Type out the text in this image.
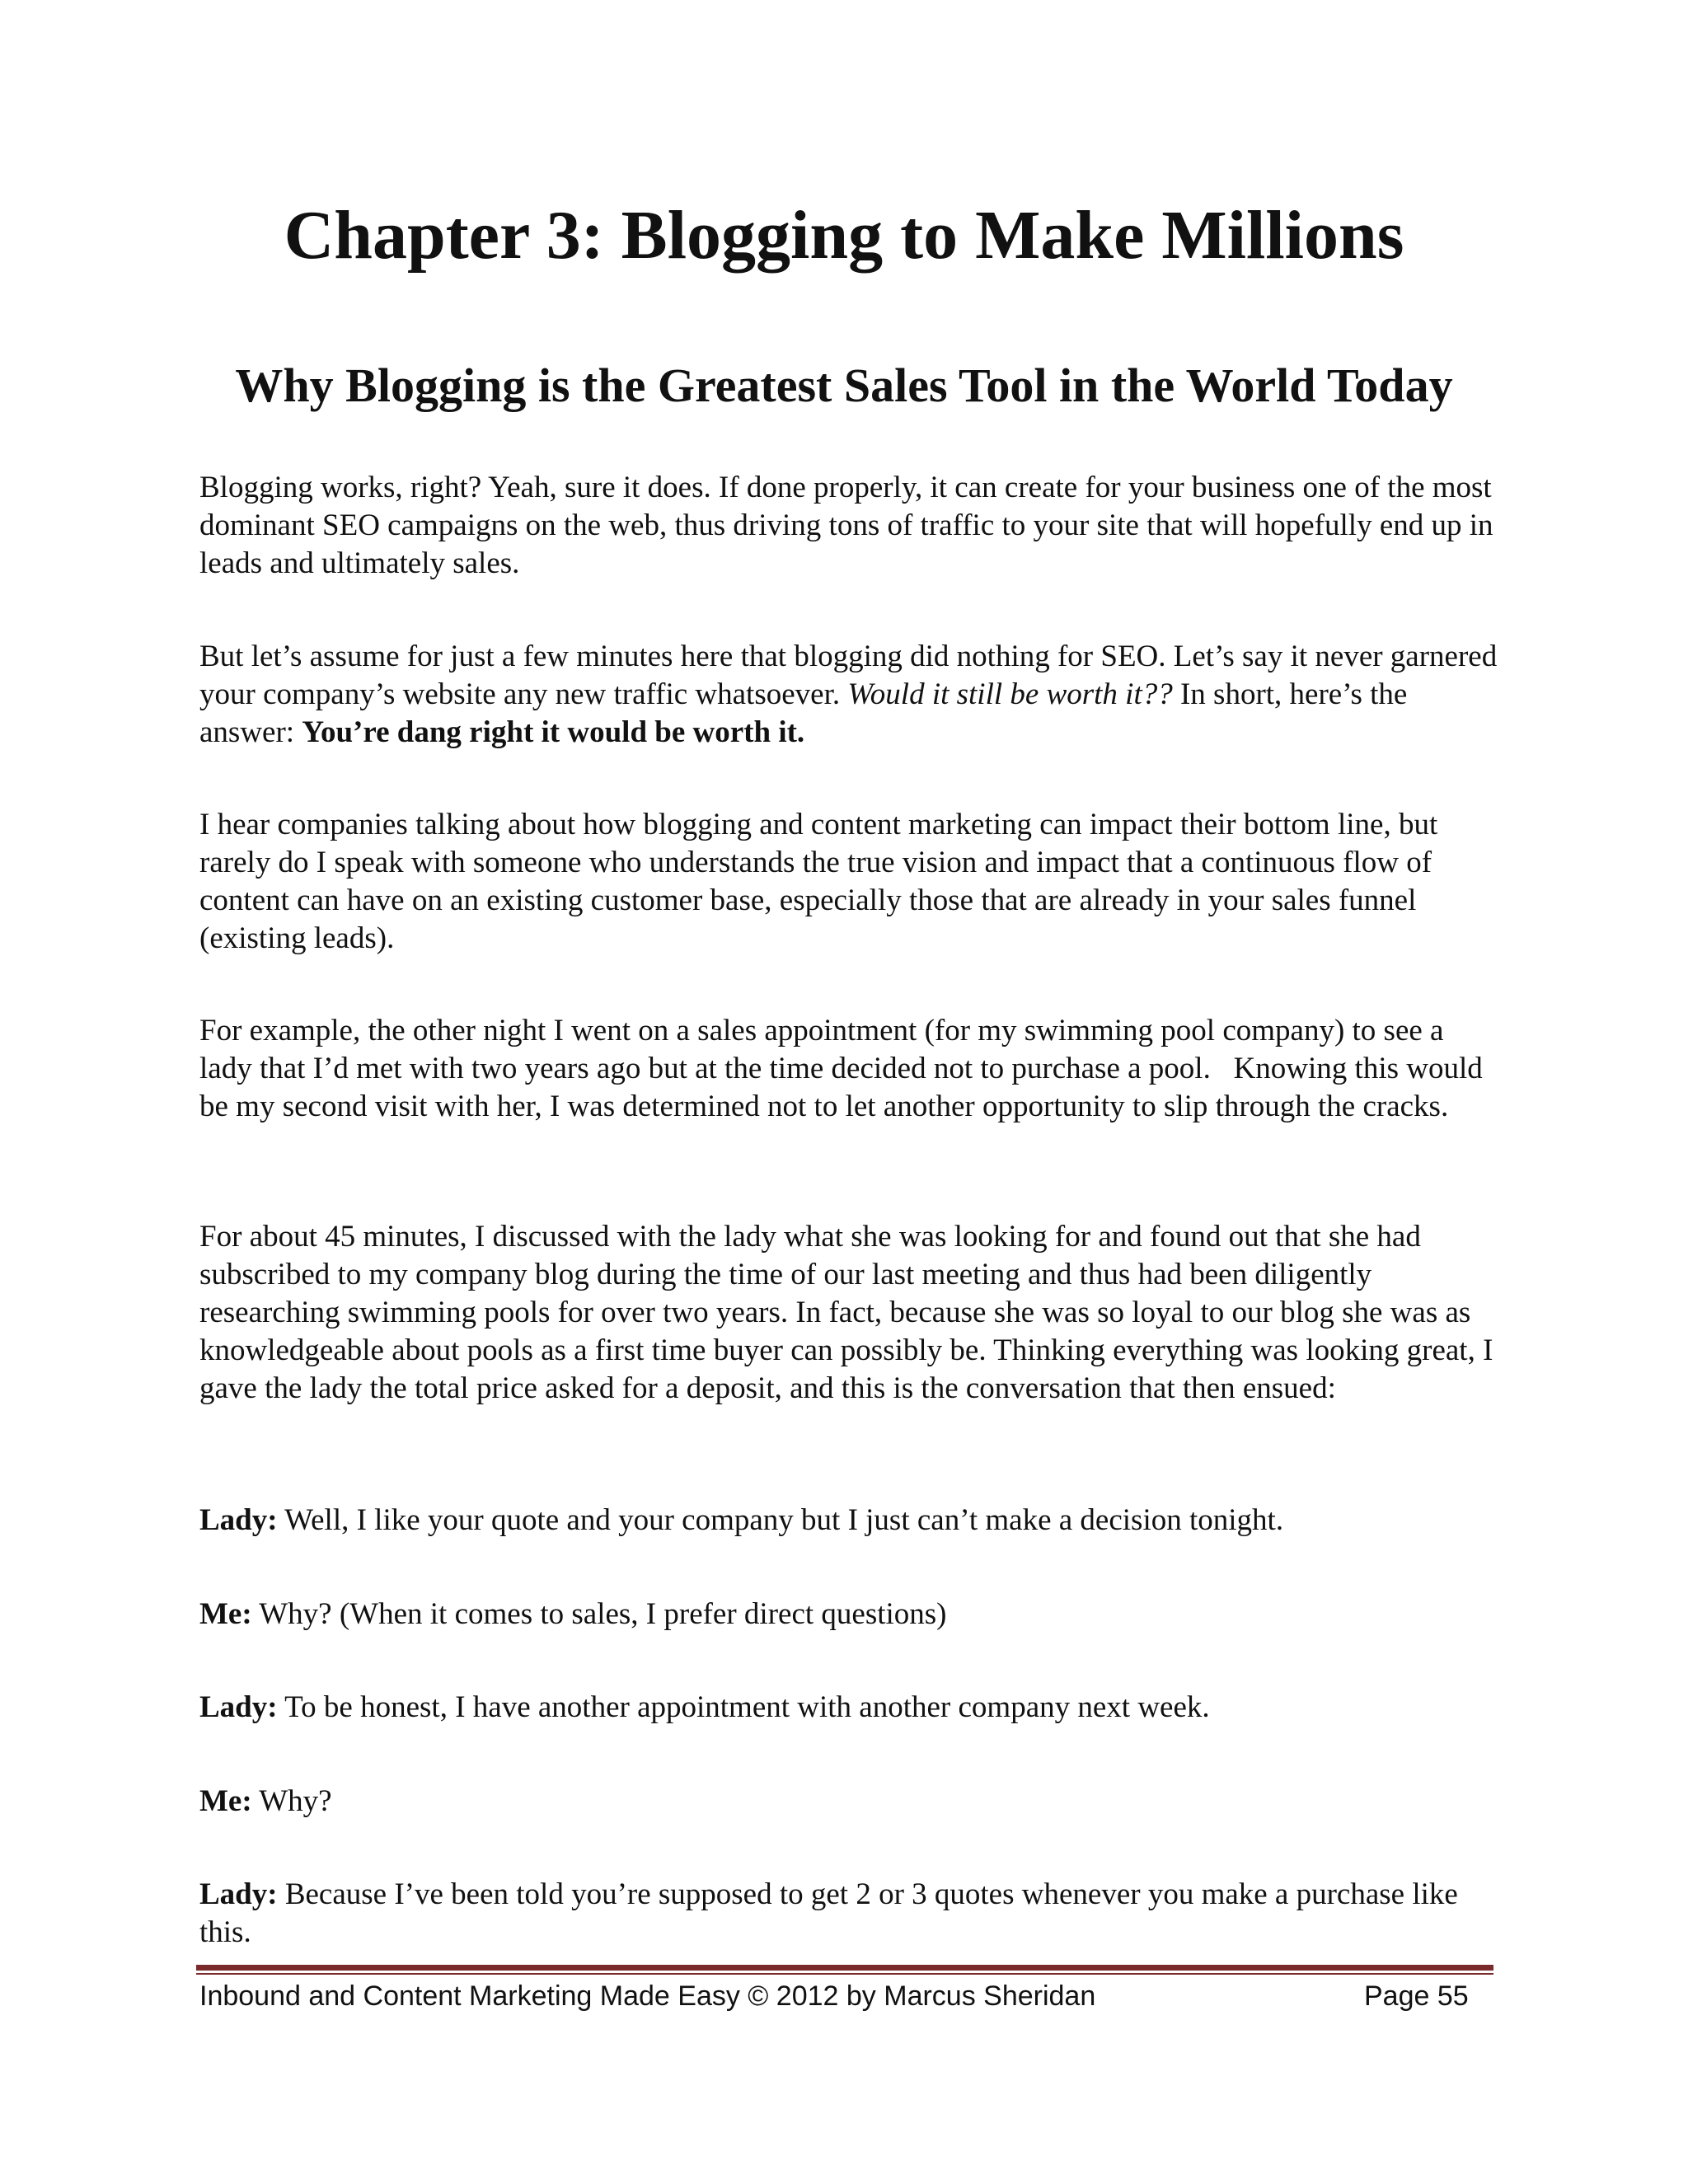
Chapter 3: Blogging to Make Millions
Why Blogging is the Greatest Sales Tool in the World Today

Blogging works, right? Yeah, sure it does. If done properly, it can create for your business one of the most dominant SEO campaigns on the web, thus driving tons of traffic to your site that will hopefully end up in leads and ultimately sales.

But let’s assume for just a few minutes here that blogging did nothing for SEO. Let’s say it never garnered your company’s website any new traffic whatsoever. Would it still be worth it?? In short, here’s the answer: You’re dang right it would be worth it.

I hear companies talking about how blogging and content marketing can impact their bottom line, but rarely do I speak with someone who understands the true vision and impact that a continuous flow of content can have on an existing customer base, especially those that are already in your sales funnel (existing leads).

For example, the other night I went on a sales appointment (for my swimming pool company) to see a lady that I’d met with two years ago but at the time decided not to purchase a pool.   Knowing this would be my second visit with her, I was determined not to let another opportunity to slip through the cracks.

For about 45 minutes, I discussed with the lady what she was looking for and found out that she had subscribed to my company blog during the time of our last meeting and thus had been diligently researching swimming pools for over two years. In fact, because she was so loyal to our blog she was as knowledgeable about pools as a first time buyer can possibly be. Thinking everything was looking great, I gave the lady the total price asked for a deposit, and this is the conversation that then ensued:

Lady: Well, I like your quote and your company but I just can’t make a decision tonight.

Me: Why? (When it comes to sales, I prefer direct questions)

Lady: To be honest, I have another appointment with another company next week.

Me: Why?

Lady: Because I’ve been told you’re supposed to get 2 or 3 quotes whenever you make a purchase like this.

Inbound and Content Marketing Made Easy © 2012 by Marcus Sheridan	Page 55
